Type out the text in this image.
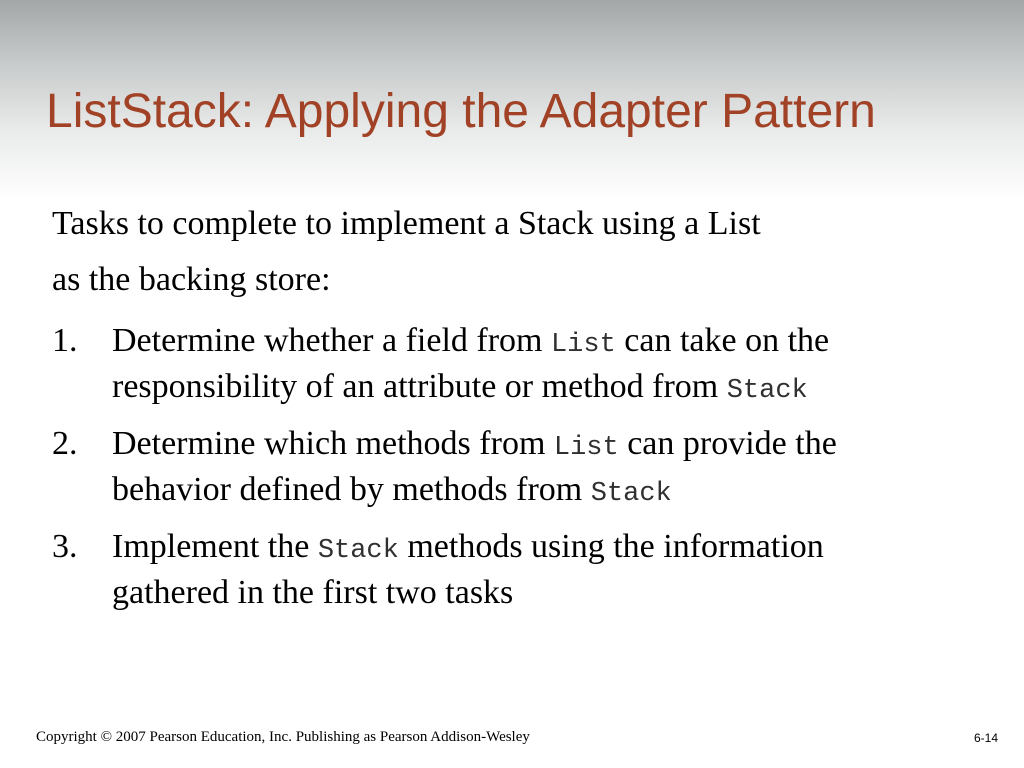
ListStack: Applying the Adapter Pattern

Tasks to complete to implement a Stack using a List

as the backing store:

1. Determine whether a field from List can take on the
responsibility of an attribute or method from Stack
2. Determine which methods from List can provide the
behavior defined by methods from Stack
3. Implement the Stack methods using the information
gathered in the first two tasks
Copyright © 2007 Pearson Education, Inc. Publishing as Pearson Addison-Wesley	6-14
